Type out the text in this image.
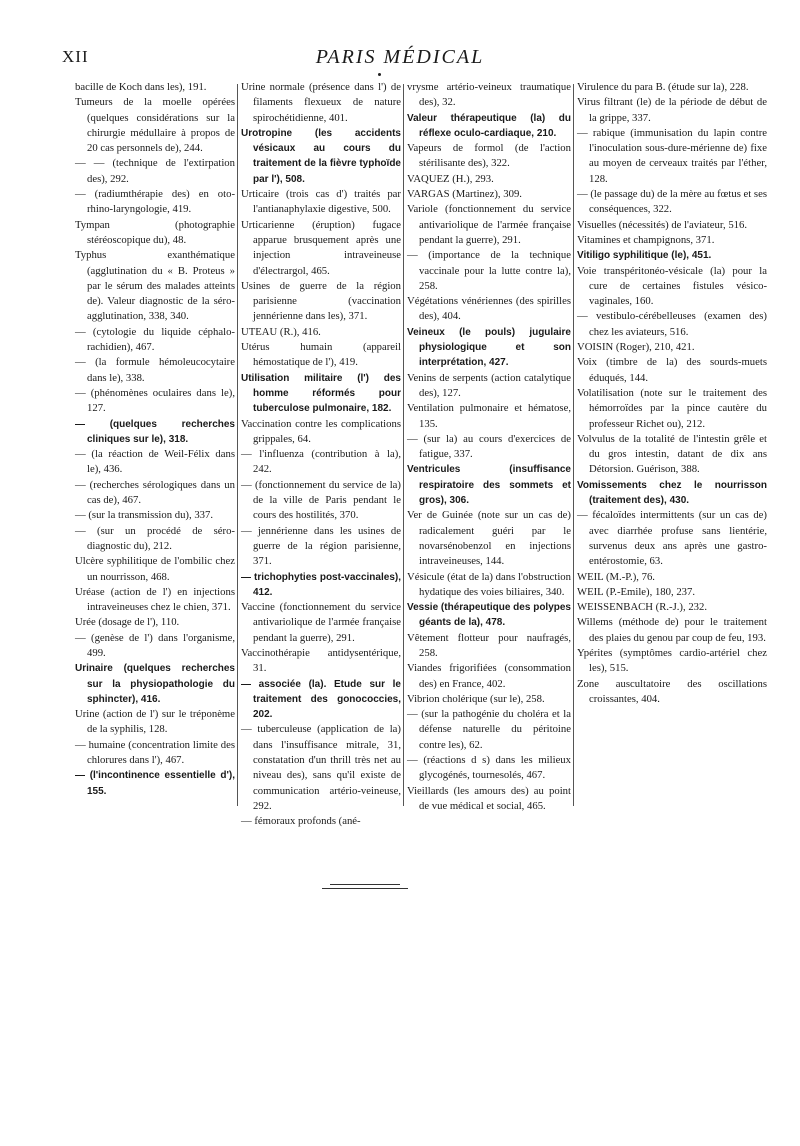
XII	PARIS MÉDICAL

bacille de Koch dans les), 191.

Tumeurs de la moelle opérées (quelques considérations sur la chirurgie médullaire à propos de 20 cas personnels de), 244.

— — (technique de l'extirpation des), 292.

— (radiumthérapie des) en oto-rhino-laryngologie, 419.

Tympan (photographie stéréoscopique du), 48.

Typhus exanthématique (agglutination du « B. Proteus » par le sérum des malades atteints de). Valeur diagnostic de la séro-agglutination, 338, 340.

— (cytologie du liquide céphalo-rachidien), 467.

— (la formule hémoleucocytaire dans le), 338.

— (phénomènes oculaires dans le), 127.

— (quelques recherches cliniques sur le), 318.

— (la réaction de Weil-Félix dans le), 436.

— (recherches sérologiques dans un cas de), 467.

— (sur la transmission du), 337.

— (sur un procédé de séro-diagnostic du), 212.

Ulcère syphilitique de l'ombilic chez un nourrisson, 468.

Uréase (action de l') en injections intraveineuses chez le chien, 371.

Urée (dosage de l'), 110.

— (genèse de l') dans l'organisme, 499.

Urinaire (quelques recherches sur la physiopathologie du sphincter), 416.

Urine (action de l') sur le tréponème de la syphilis, 128.

— humaine (concentration limite des chlorures dans l'), 467.

— (l'incontinence essentielle d'), 155.

Urine normale (présence dans l') de filaments flexueux de nature spirochétidienne, 401.

Urotropine (les accidents vésicaux au cours du traitement de la fièvre typhoïde par l'), 508.

Urticaire (trois cas d') traités par l'antianaphylaxie digestive, 500.

Urticarienne (éruption) fugace apparue brusquement après une injection intraveineuse d'électrargol, 465.

Usines de guerre de la région parisienne (vaccination jennérienne dans les), 371.

UTEAU (R.), 416.

Utérus humain (appareil hémostatique de l'), 419.

Utilisation militaire (l') des homme réformés pour tuberculose pulmonaire, 182.

Vaccination contre les complications grippales, 64.

— l'influenza (contribution à la), 242.

— (fonctionnement du service de la) de la ville de Paris pendant le cours des hostilités, 370.

— jennérienne dans les usines de guerre de la région parisienne, 371.

— trichophyties post-vaccinales), 412.

Vaccine (fonctionnement du service antivariolique de l'armée française pendant la guerre), 291.

Vaccinothérapie antidysentérique, 31.

— associée (la). Etude sur le traitement des gonococcies, 202.

— tuberculeuse (application de la) dans l'insuffisance mitrale, 31, constatation d'un thrill très net au niveau des), sans qu'il existe de communication artério-veineuse, 292.

— fémoraux profonds (ané-

vrysme artério-veineux traumatique des), 32.

Valeur thérapeutique (la) du réflexe oculo-cardiaque, 210.

Vapeurs de formol (de l'action stérilisante des), 322.

VAQUEZ (H.), 293.

VARGAS (Martinez), 309.

Variole (fonctionnement du service antivariolique de l'armée française pendant la guerre), 291.

— (importance de la technique vaccinale pour la lutte contre la), 258.

Végétations vénériennes (des spirilles des), 404.

Veineux (le pouls) jugulaire physiologique et son interprétation, 427.

Venins de serpents (action catalytique des), 127.

Ventilation pulmonaire et hématose, 135.

— (sur la) au cours d'exercices de fatigue, 337.

Ventricules (insuffisance respiratoire des sommets et gros), 306.

Ver de Guinée (note sur un cas de) radicalement guéri par le novarsénobenzol en injections intraveineuses, 144.

Vésicule (état de la) dans l'obstruction hydatique des voies biliaires, 340.

Vessie (thérapeutique des polypes géants de la), 478.

Vêtement flotteur pour naufragés, 258.

Viandes frigorifiées (consommation des) en France, 402.

Vibrion cholérique (sur le), 258.

— (sur la pathogénie du choléra et la défense naturelle du péritoine contre les), 62.

— (réactions d s) dans les milieux glycogénés, tournesolés, 467.

Vieillards (les amours des) au point de vue médical et social, 465.

Virulence du para B. (étude sur la), 228.

Virus filtrant (le) de la période de début de la grippe, 337.

— rabique (immunisation du lapin contre l'inoculation sous-dure-mérienne de) fixe au moyen de cerveaux traités par l'éther, 128.

— (le passage du) de la mère au fœtus et ses conséquences, 322.

Visuelles (nécessités) de l'aviateur, 516.

Vitamines et champignons, 371.

Vitiligo syphilitique (le), 451.

Voie transpéritonéo-vésicale (la) pour la cure de certaines fistules vésico-vaginales, 160.

— vestibulo-cérébelleuses (examen des) chez les aviateurs, 516.

VOISIN (Roger), 210, 421.

Voix (timbre de la) des sourds-muets éduqués, 144.

Volatilisation (note sur le traitement des hémorroïdes par la pince cautère du professeur Richet ou), 212.

Volvulus de la totalité de l'intestin grêle et du gros intestin, datant de dix ans Détorsion. Guérison, 388.

Vomissements chez le nourrisson (traitement des), 430.

— fécaloïdes intermittents (sur un cas de) avec diarrhée profuse sans lientérie, survenus deux ans après une gastro-entérostomie, 63.

WEIL (M.-P.), 76.

WEIL (P.-Emile), 180, 237.

WEISSENBACH (R.-J.), 232.

Willems (méthode de) pour le traitement des plaies du genou par coup de feu, 193.

Ypérites (symptômes cardio-artériel chez les), 515.

Zone auscultatoire des oscillations croissantes, 404.
